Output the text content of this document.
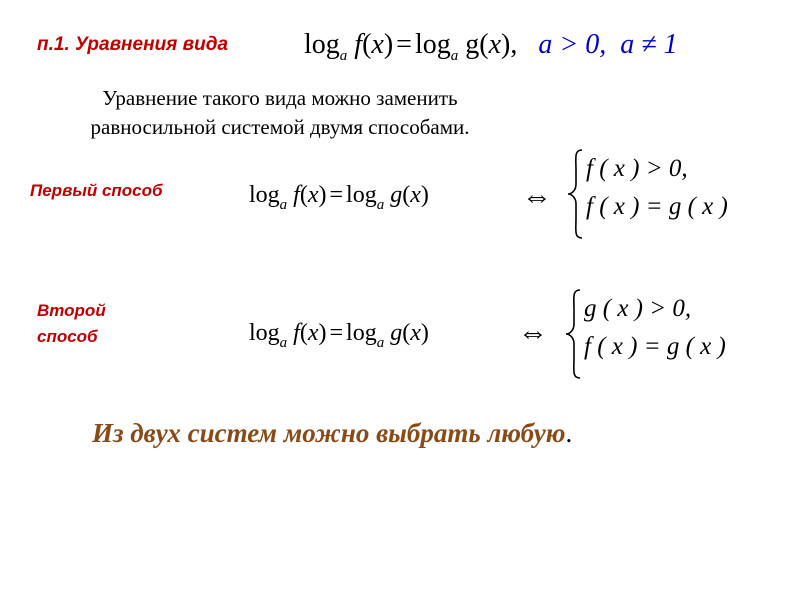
п.1. Уравнения вида	$\log_a f(x) = \log_a g(x)$,   a > 0, a ≠ 1
Уравнение такого вида можно заменить
равносильной системой двумя способами.
Первый способ	$\log_a f(x) = \log_a g(x)$	⇔
f ( x ) > 0,
f ( x ) = g ( x )
Второй
способ	$\log_a f(x) = \log_a g(x)$	⇔
g ( x ) > 0,
f ( x ) = g ( x )
Из двух систем можно выбрать любую.
